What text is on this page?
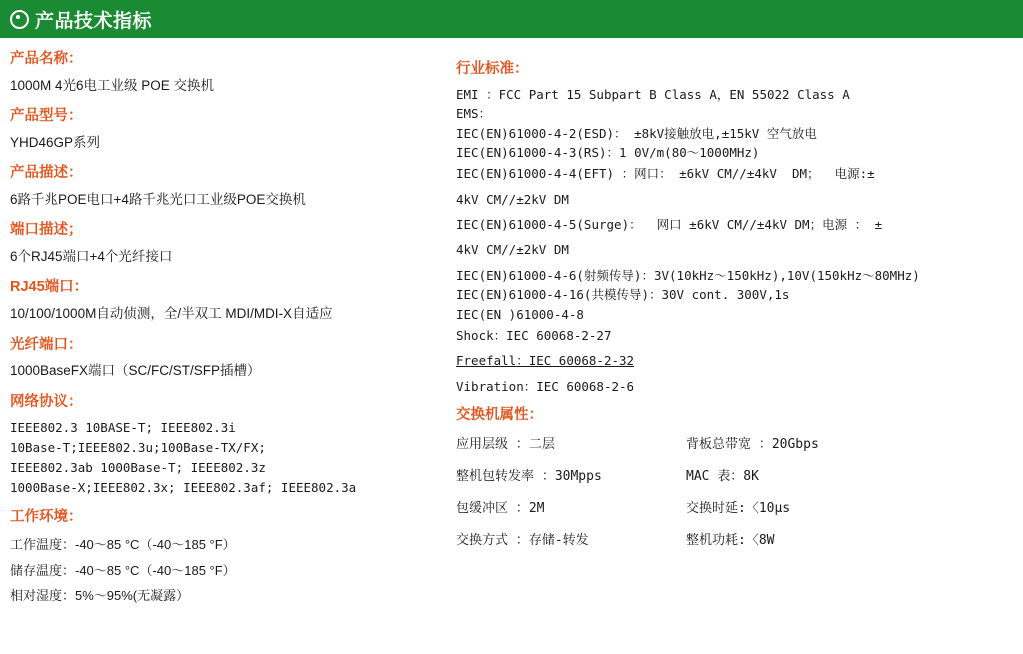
产品技术指标
产品名称：
1000M 4光6电工业级 POE 交换机
产品型号：
YHD46GP系列
产品描述：
6路千兆POE电口+4路千兆光口工业级POE交换机
端口描述；
6个RJ45端口+4个光纤接口
RJ45端口：
10/100/1000M自动侦测，全/半双工 MDI/MDI-X自适应
光纤端口：
1000BaseFX端口（SC/FC/ST/SFP插槽）
网络协议：
IEEE802.3 10BASE-T; IEEE802.3i
10Base-T;IEEE802.3u;100Base-TX/FX;
IEEE802.3ab 1000Base-T; IEEE802.3z
1000Base-X;IEEE802.3x; IEEE802.3af; IEEE802.3a
工作环境：
工作温度：-40～85 °C（-40～185 °F）
储存温度：-40～85 °C（-40～185 °F）
相对湿度：5%～95%(无凝露）
行业标准：
EMI ：FCC Part 15 Subpart B Class A，EN 55022 Class A
EMS：
IEC(EN)61000-4-2(ESD)： ±8kV接触放电,±15kV 空气放电
IEC(EN)61000-4-3(RS)：1 0V/m(80～1000MHz)
IEC(EN)61000-4-4(EFT) ：网口： ±6kV CM//±4kV  DM；  电源:±
4kV CM//±2kV DM
IEC(EN)61000-4-5(Surge)：  网口 ±6kV CM//±4kV DM；电源 ： ±
4kV CM//±2kV DM
IEC(EN)61000-4-6(射频传导)：3V(10kHz～150kHz),10V(150kHz～80MHz)
IEC(EN)61000-4-16(共模传导)：30V cont. 300V,1s
IEC(EN )61000-4-8
Shock：IEC 60068-2-27
Freefall：IEC 60068-2-32
Vibration：IEC 60068-2-6
交换机属性：
应用层级 ：二层	背板总带宽 ：20Gbps
整机包转发率 ：30Mpps	MAC 表：8K
包缓冲区 ：2M	交换时延:〈10μs
交换方式 ：存储-转发	整机功耗:〈8W
